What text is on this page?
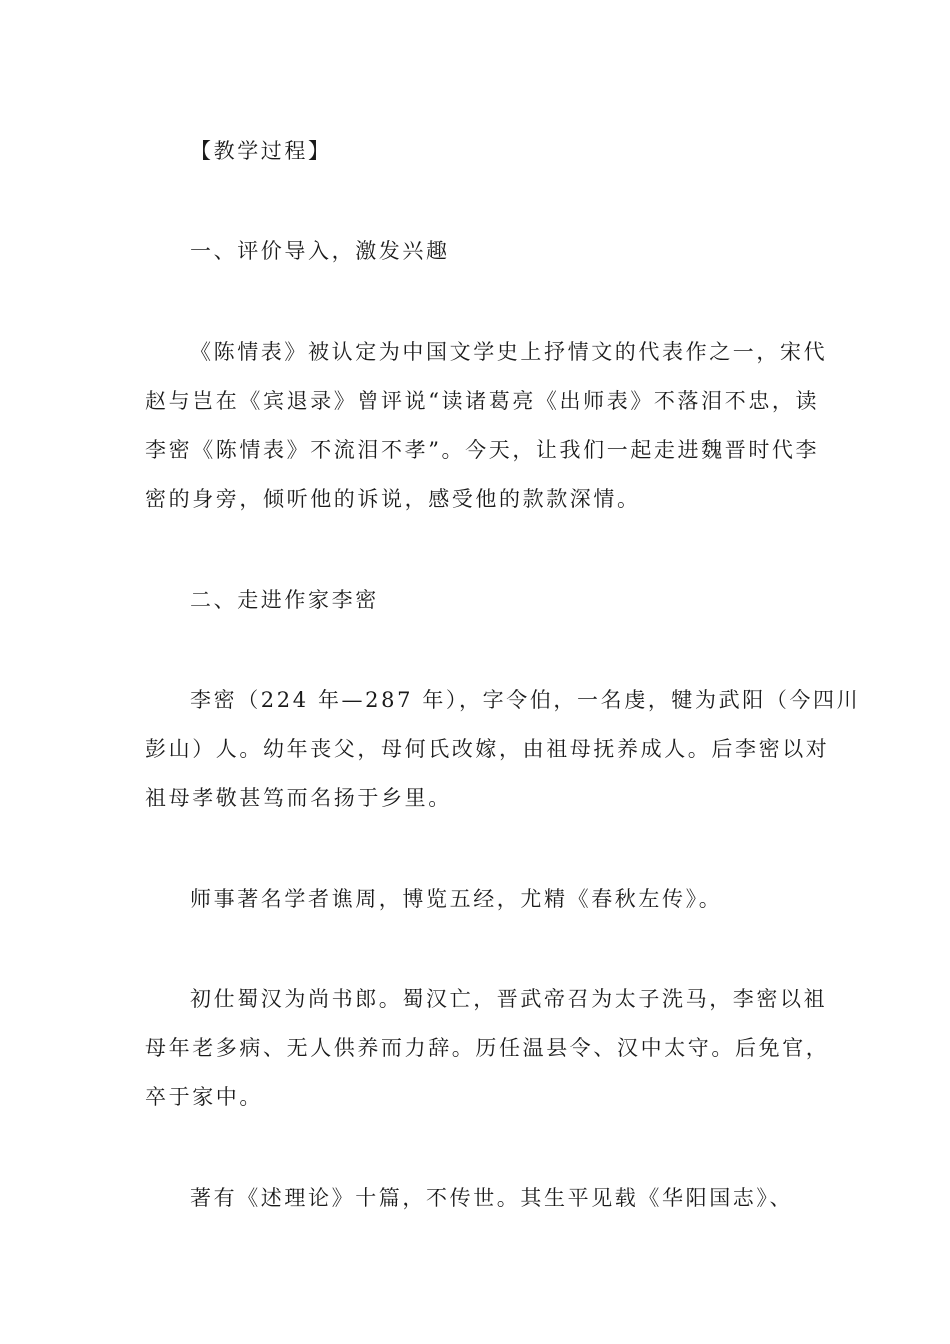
【教学过程】
一、评价导入，激发兴趣
《陈情表》被认定为中国文学史上抒情文的代表作之一，宋代
赵与岂在《宾退录》曾评说“读诸葛亮《出师表》不落泪不忠，读
李密《陈情表》不流泪不孝”。今天，让我们一起走进魏晋时代李
密的身旁，倾听他的诉说，感受他的款款深情。
二、走进作家李密
李密（224 年—287 年），字令伯，一名虔，犍为武阳（今四川
彭山）人。幼年丧父，母何氏改嫁，由祖母抚养成人。后李密以对
祖母孝敬甚笃而名扬于乡里。
师事著名学者谯周，博览五经，尤精《春秋左传》。
初仕蜀汉为尚书郎。蜀汉亡，晋武帝召为太子洗马，李密以祖
母年老多病、无人供养而力辞。历任温县令、汉中太守。后免官，
卒于家中。
著有《述理论》十篇，不传世。其生平见载《华阳国志》、
